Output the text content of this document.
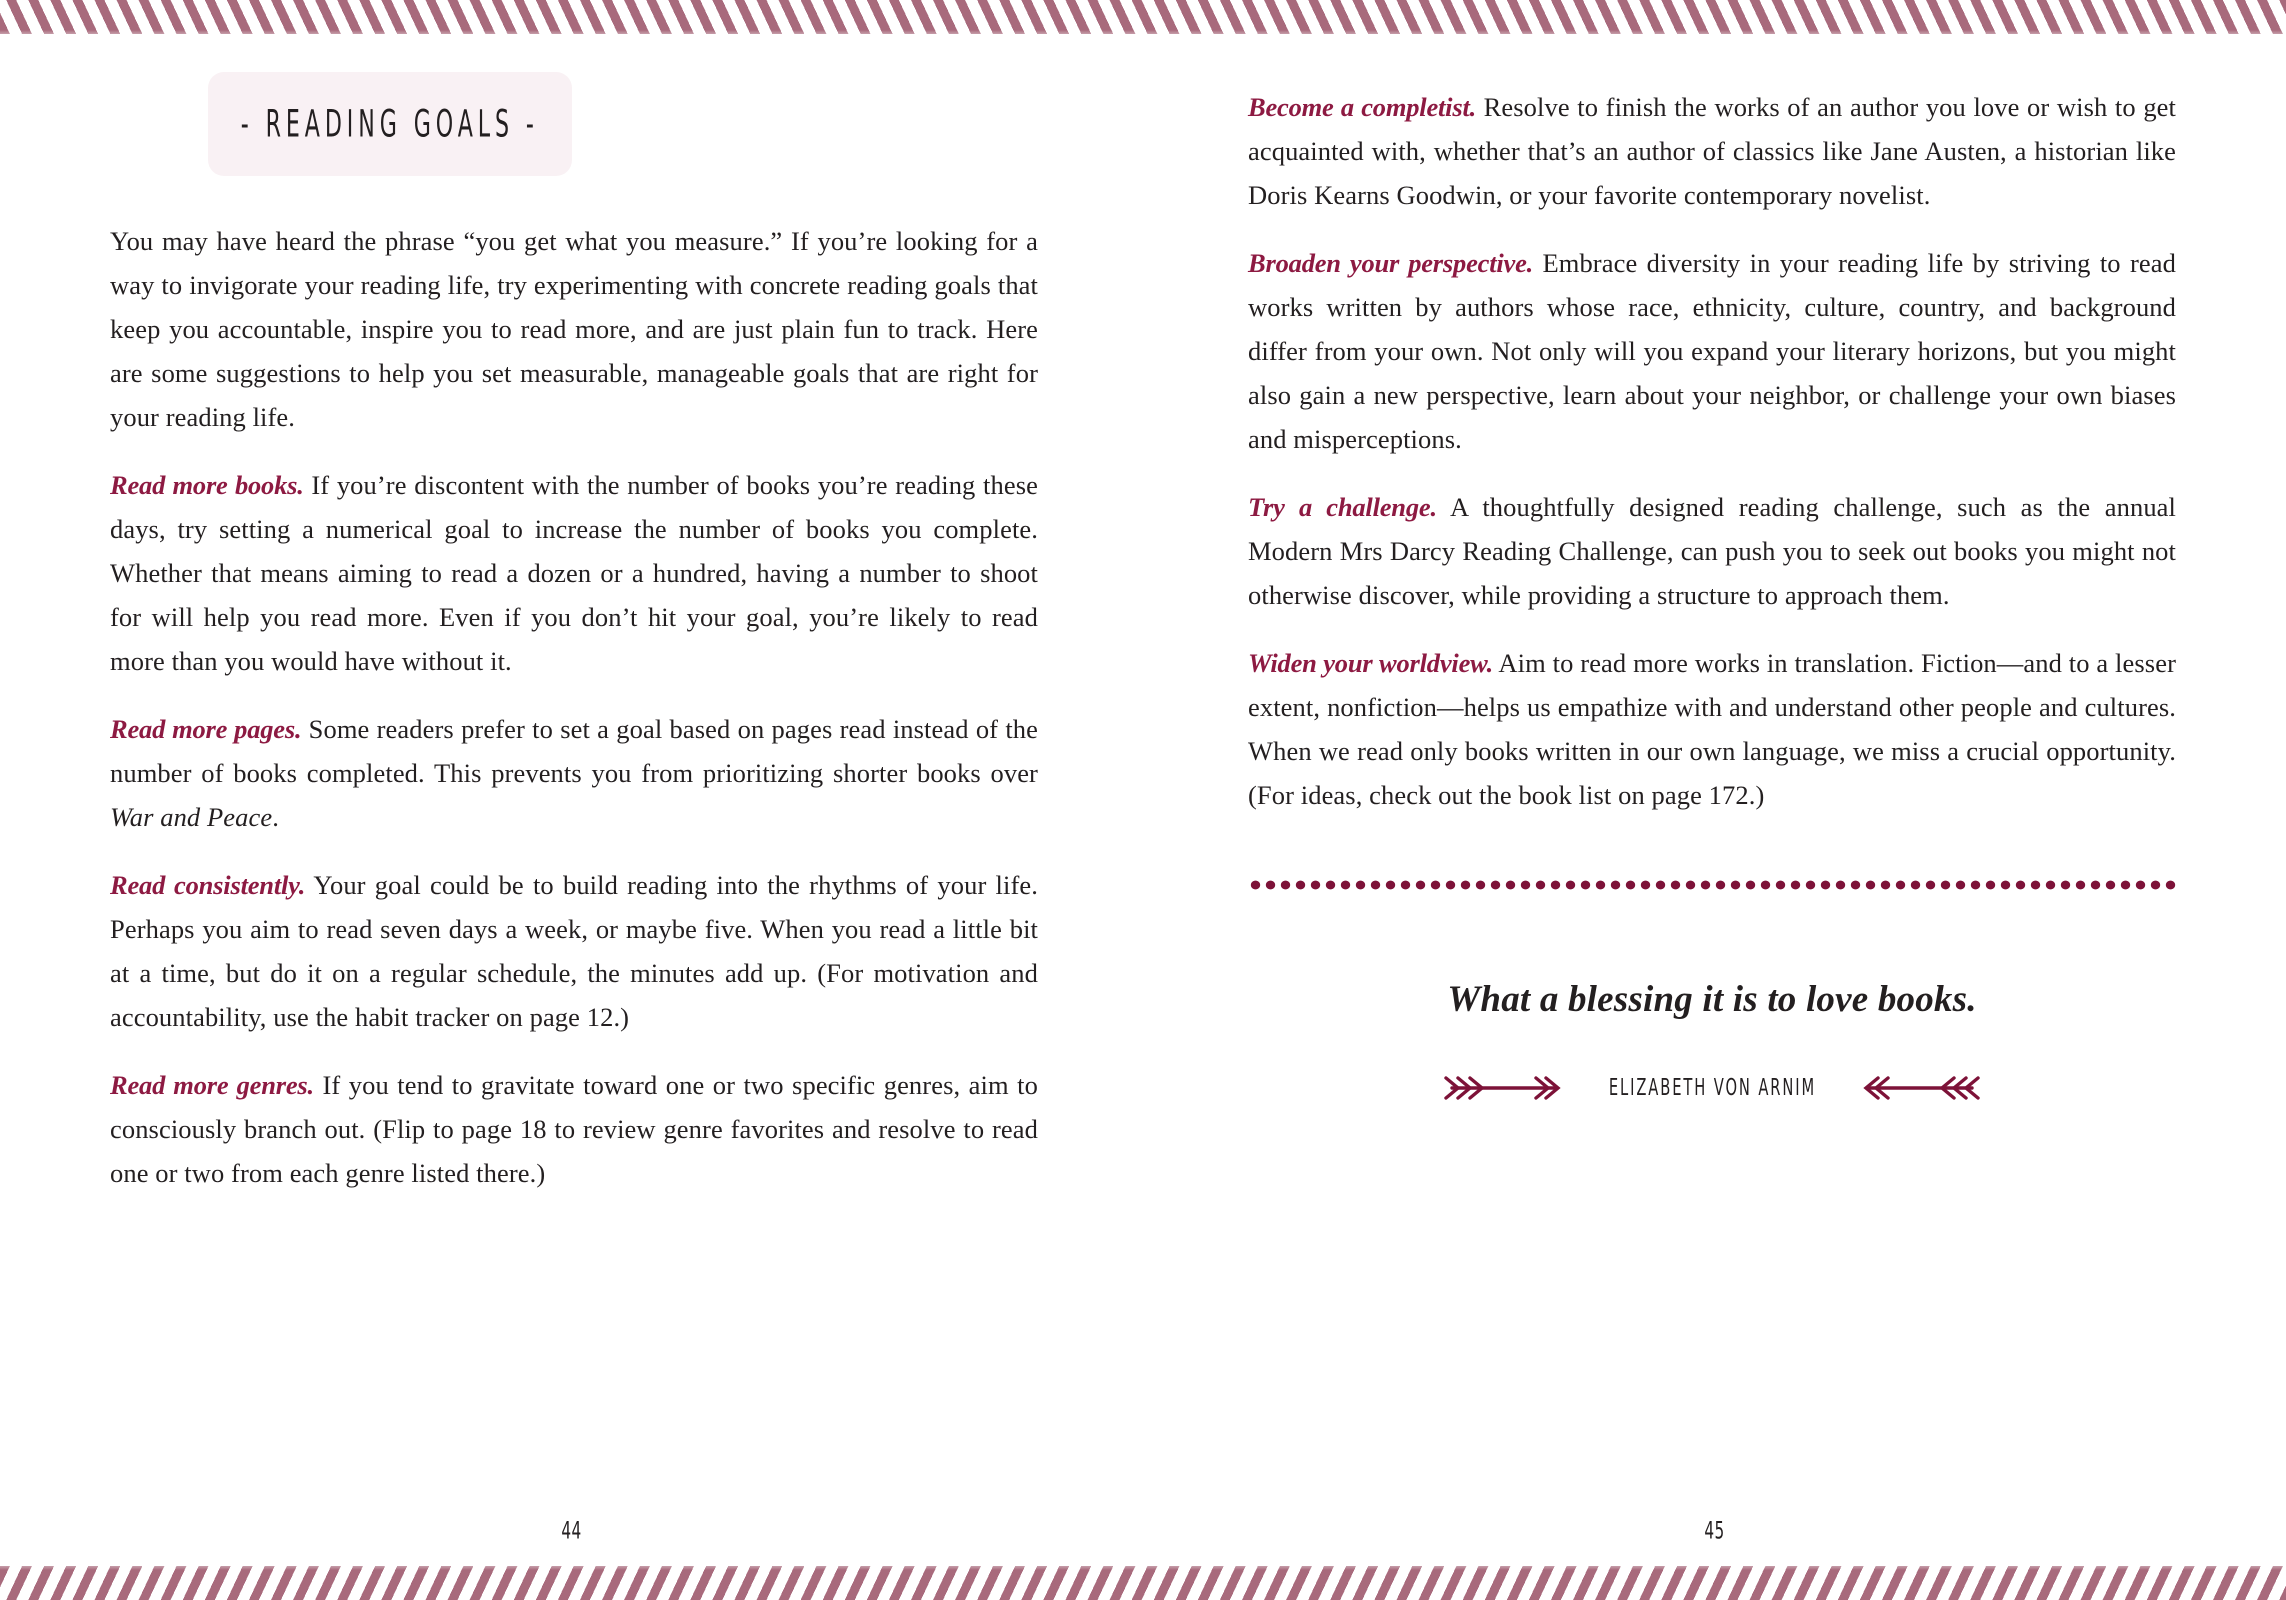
- READING GOALS -

You may have heard the phrase “you get what you measure.” If you’re looking for a way to invigorate your reading life, try experimenting with concrete reading goals that keep you accountable, inspire you to read more, and are just plain fun to track. Here are some suggestions to help you set measurable, manageable goals that are right for your reading life.

Read more books. If you’re discontent with the number of books you’re reading these days, try setting a numerical goal to increase the number of books you complete. Whether that means aiming to read a dozen or a hundred, having a number to shoot for will help you read more. Even if you don’t hit your goal, you’re likely to read more than you would have without it.

Read more pages. Some readers prefer to set a goal based on pages read instead of the number of books completed. This prevents you from prioritizing shorter books over War and Peace.

Read consistently. Your goal could be to build reading into the rhythms of your life. Perhaps you aim to read seven days a week, or maybe five. When you read a little bit at a time, but do it on a regular schedule, the minutes add up. (For motivation and accountability, use the habit tracker on page 12.)

Read more genres. If you tend to gravitate toward one or two specific genres, aim to consciously branch out. (Flip to page 18 to review genre favorites and resolve to read one or two from each genre listed there.)

44

Become a completist. Resolve to finish the works of an author you love or wish to get acquainted with, whether that’s an author of classics like Jane Austen, a historian like Doris Kearns Goodwin, or your favorite contemporary novelist.

Broaden your perspective. Embrace diversity in your reading life by striving to read works written by authors whose race, ethnicity, culture, country, and background differ from your own. Not only will you expand your literary horizons, but you might also gain a new perspective, learn about your neighbor, or challenge your own biases and misperceptions.

Try a challenge. A thoughtfully designed reading challenge, such as the annual Modern Mrs Darcy Reading Challenge, can push you to seek out books you might not otherwise discover, while providing a structure to approach them.

Widen your worldview. Aim to read more works in translation. Fiction—and to a lesser extent, nonfiction—helps us empathize with and understand other people and cultures. When we read only books written in our own language, we miss a crucial opportunity. (For ideas, check out the book list on page 172.)

What a blessing it is to love books.
ELIZABETH VON ARNIM
45
